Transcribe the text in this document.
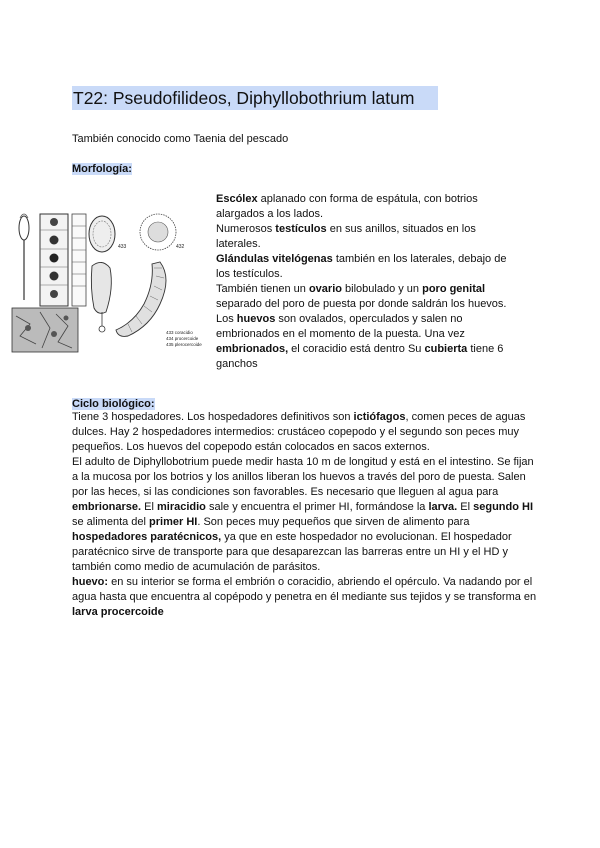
T22: Pseudofilideos, Diphyllobothrium latum
También conocido como Taenia del pescado
Morfología:
433	432
433 coracidio
434 procercoide
435 plerocercoide

Escólex aplanado con forma de espátula, con botrios alargados a los lados.

Numerosos testículos en sus anillos, situados en los laterales.

Glándulas vitelógenas también en los laterales, debajo de los testículos.

También tienen un ovario bilobulado y un poro genital separado del poro de puesta por donde saldrán los huevos.

Los huevos son ovalados, operculados y salen no embrionados en el momento de la puesta. Una vez embrionados, el coracidio está dentro Su cubierta tiene 6 ganchos

Ciclo biológico:

Tiene 3 hospedadores. Los hospedadores definitivos son ictiófagos, comen peces de aguas dulces. Hay 2 hospedadores intermedios: crustáceo copepodo y el segundo son peces muy pequeños. Los huevos del copepodo están colocados en sacos externos.

El adulto de Diphyllobotrium puede medir hasta 10 m de longitud y está en el intestino. Se fijan a la mucosa por los botrios y los anillos liberan los huevos a través del poro de puesta. Salen por las heces, si las condiciones son favorables. Es necesario que lleguen al agua para embrionarse. El miracidio sale y encuentra el primer HI, formándose la larva. El segundo HI se alimenta del primer HI. Son peces muy pequeños que sirven de alimento para hospedadores paratécnicos, ya que en este hospedador no evolucionan. El hospedador paratécnico sirve de transporte para que desaparezcan las barreras entre un HI y el HD y también como medio de acumulación de parásitos.

huevo: en su interior se forma el embrión o coracidio, abriendo el opérculo. Va nadando por el agua hasta que encuentra al copépodo y penetra en él mediante sus tejidos y se transforma en larva procercoide
